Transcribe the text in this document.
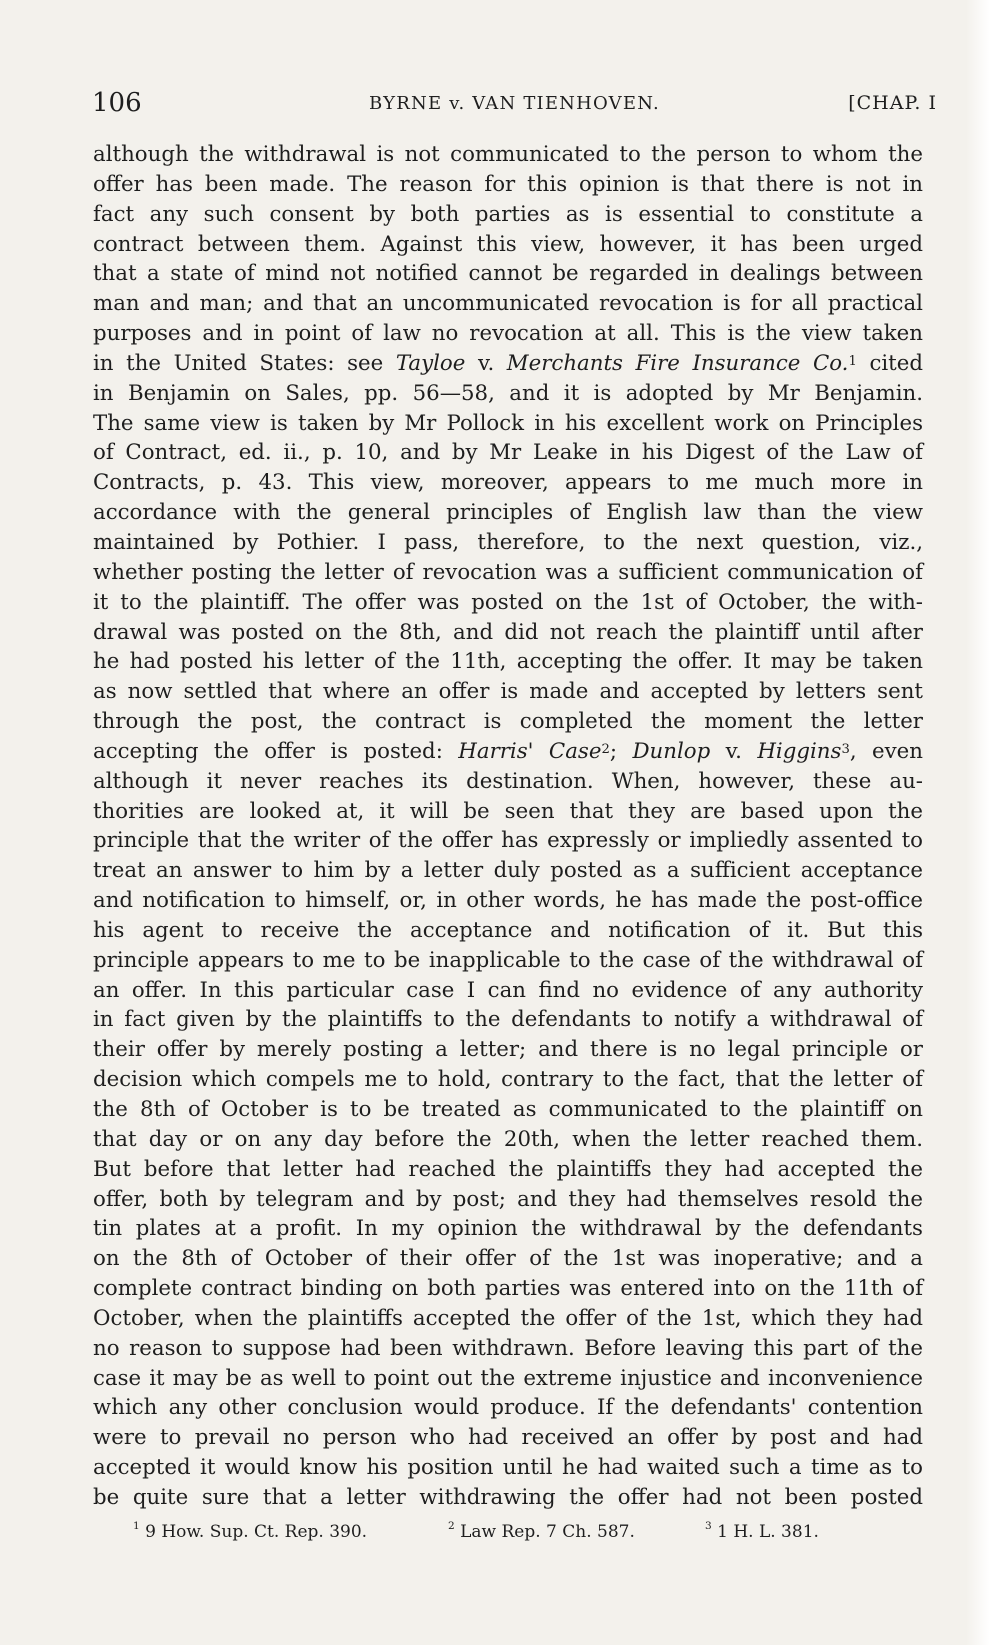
106	BYRNE v. VAN TIENHOVEN.	[CHAP. I
although the withdrawal is not communicated to the person to whom the
offer has been made. The reason for this opinion is that there is not in
fact any such consent by both parties as is essential to constitute a
contract between them. Against this view, however, it has been urged
that a state of mind not notified cannot be regarded in dealings between
man and man; and that an uncommunicated revocation is for all practical
purposes and in point of law no revocation at all. This is the view taken
in the United States: see Tayloe v. Merchants Fire Insurance Co.$^1$ cited
in Benjamin on Sales, pp. 56—58, and it is adopted by Mr Benjamin.
The same view is taken by Mr Pollock in his excellent work on Principles
of Contract, ed. ii., p. 10, and by Mr Leake in his Digest of the Law of
Contracts, p. 43. This view, moreover, appears to me much more in
accordance with the general principles of English law than the view
maintained by Pothier. I pass, therefore, to the next question, viz.,
whether posting the letter of revocation was a sufficient communication of
it to the plaintiff. The offer was posted on the 1st of October, the with-
drawal was posted on the 8th, and did not reach the plaintiff until after
he had posted his letter of the 11th, accepting the offer. It may be taken
as now settled that where an offer is made and accepted by letters sent
through the post, the contract is completed the moment the letter
accepting the offer is posted: Harris' Case$^2$; Dunlop v. Higgins$^3$, even
although it never reaches its destination. When, however, these au-
thorities are looked at, it will be seen that they are based upon the
principle that the writer of the offer has expressly or impliedly assented to
treat an answer to him by a letter duly posted as a sufficient acceptance
and notification to himself, or, in other words, he has made the post-office
his agent to receive the acceptance and notification of it. But this
principle appears to me to be inapplicable to the case of the withdrawal of
an offer. In this particular case I can find no evidence of any authority
in fact given by the plaintiffs to the defendants to notify a withdrawal of
their offer by merely posting a letter; and there is no legal principle or
decision which compels me to hold, contrary to the fact, that the letter of
the 8th of October is to be treated as communicated to the plaintiff on
that day or on any day before the 20th, when the letter reached them.
But before that letter had reached the plaintiffs they had accepted the
offer, both by telegram and by post; and they had themselves resold the
tin plates at a profit. In my opinion the withdrawal by the defendants
on the 8th of October of their offer of the 1st was inoperative; and a
complete contract binding on both parties was entered into on the 11th of
October, when the plaintiffs accepted the offer of the 1st, which they had
no reason to suppose had been withdrawn. Before leaving this part of the
case it may be as well to point out the extreme injustice and inconvenience
which any other conclusion would produce. If the defendants' contention
were to prevail no person who had received an offer by post and had
accepted it would know his position until he had waited such a time as to
be quite sure that a letter withdrawing the offer had not been posted
$^1$ 9 How. Sup. Ct. Rep. 390.	$^2$ Law Rep. 7 Ch. 587.	$^3$ 1 H. L. 381.
